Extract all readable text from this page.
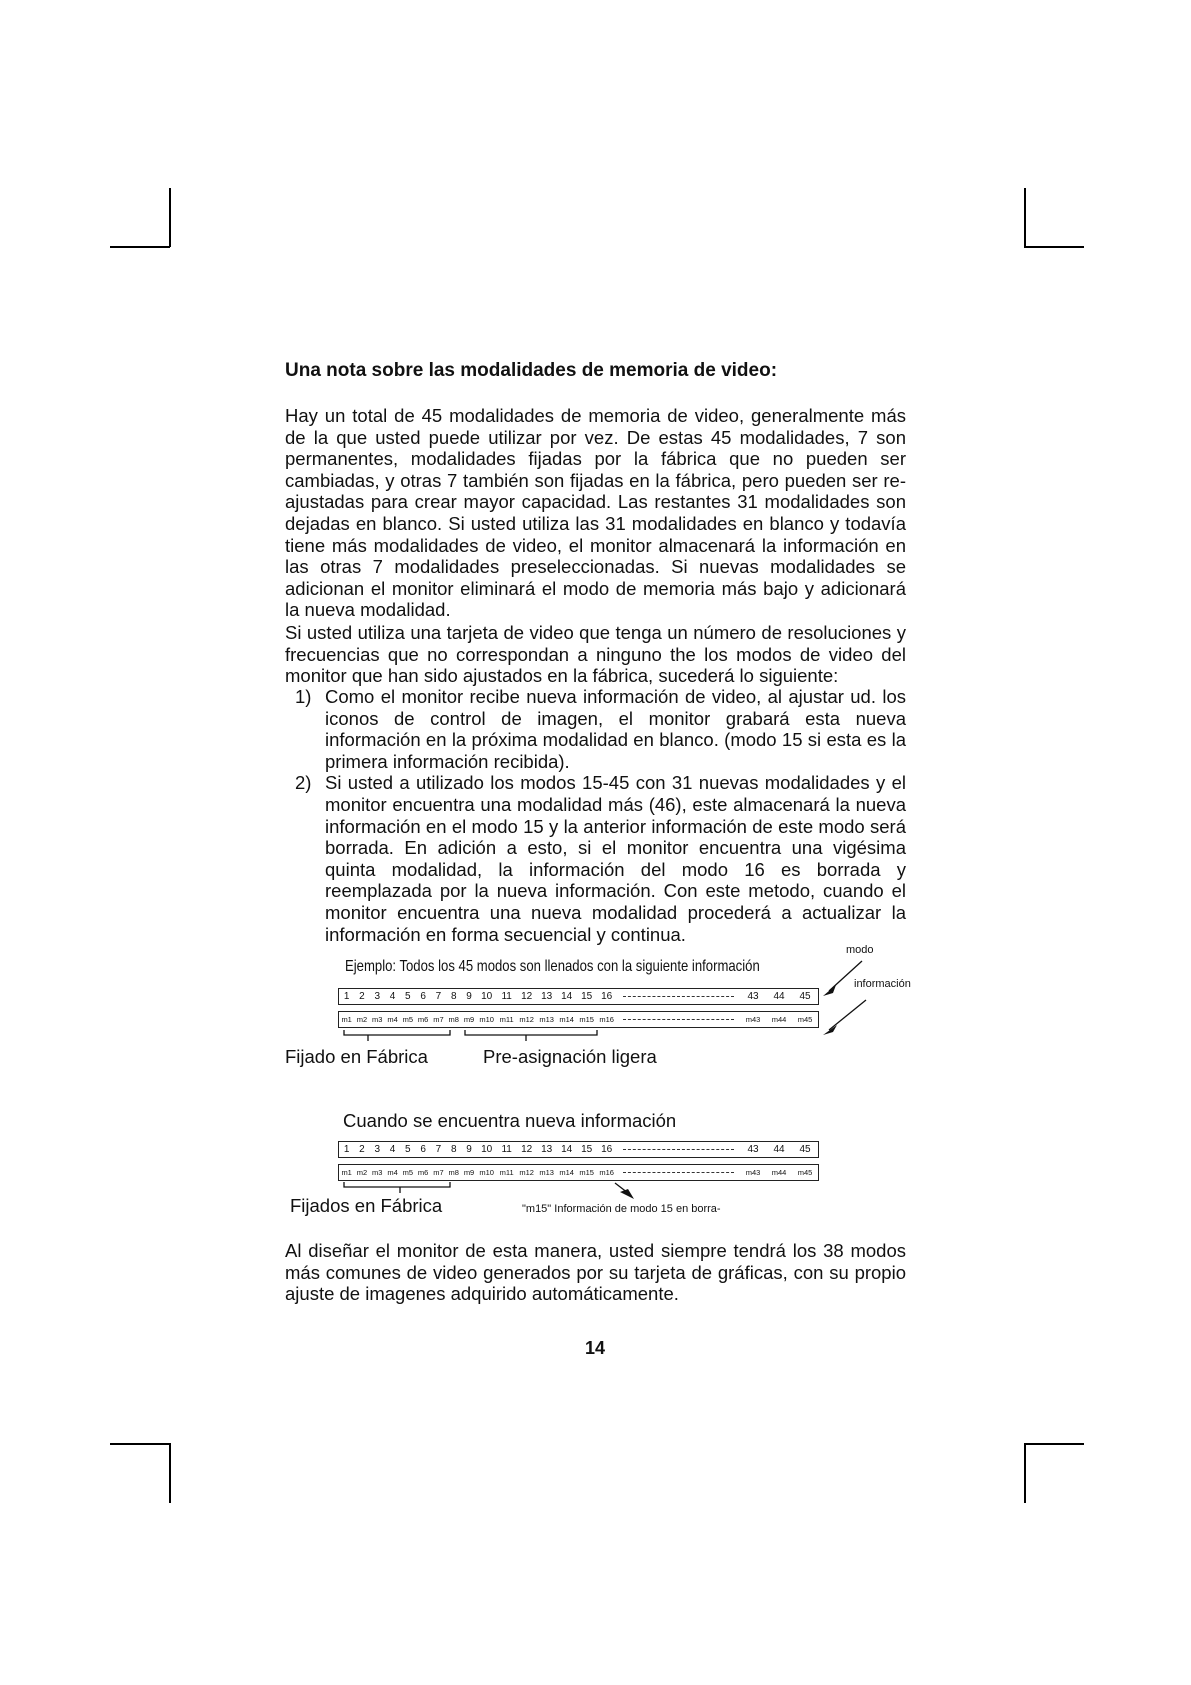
Una nota sobre las modalidades de memoria de video:

Hay un total de 45 modalidades de memoria de video, generalmente más de la que usted puede utilizar por vez. De estas 45 modalidades, 7 son permanentes, modalidades fijadas por la fábrica que no pueden ser cambiadas, y otras 7 también son fijadas en la fábrica, pero pueden ser re-ajustadas para crear mayor capacidad. Las restantes 31 modalidades son dejadas en blanco. Si usted utiliza las 31 modalidades en blanco y todavía tiene más modalidades de video, el monitor almacenará la información en las otras 7 modalidades preseleccionadas. Si nuevas modalidades se adicionan el monitor eliminará el modo de memoria más bajo y adicionará la nueva modalidad.

Si usted utiliza una tarjeta de video que tenga un número de resoluciones y frecuencias que no correspondan a ninguno the los modos de video del monitor que han sido ajustados en la fábrica, sucederá lo siguiente:

1) Como el monitor recibe nueva información de video, al ajustar ud. los iconos de control de imagen, el monitor grabará esta nueva información en la próxima modalidad en blanco. (modo 15 si esta es la primera información recibida).
2) Si usted a utilizado los modos 15-45 con 31 nuevas modalidades y el monitor encuentra una modalidad más (46), este almacenará la nueva información en el modo 15 y la anterior información de este modo será borrada. En adición a esto, si el monitor encuentra una vigésima quinta modalidad, la información del modo 16 es borrada y reemplazada por la nueva información. Con este metodo, cuando el monitor encuentra una nueva modalidad procederá a actualizar la información en forma secuencial y continua.
Ejemplo: Todos los 45 modos son llenados con la siguiente información
modo
información
1 2 3 4 5 6 7 8 9 10 11 12 13 14 15 16	43	44	45
m1 m2 m3 m4 m5 m6 m7 m8 m9 m10 m11 m12 m13 m14 m15 m16	m43	m44	m45
Fijado en Fábrica	Pre-asignación ligera
Cuando se encuentra nueva información
1 2 3 4 5 6 7 8 9 10 11 12 13 14 15 16	43	44	45
m1 m2 m3 m4 m5 m6 m7 m8 m9 m10 m11 m12 m13 m14 m15 m16	m43	m44	m45
Fijados en Fábrica	"m15" Información de modo 15 en borra-

Al diseñar el monitor de esta manera, usted siempre tendrá los 38 modos más comunes de video generados por su tarjeta de gráficas, con su propio ajuste de imagenes adquirido automáticamente.

14
